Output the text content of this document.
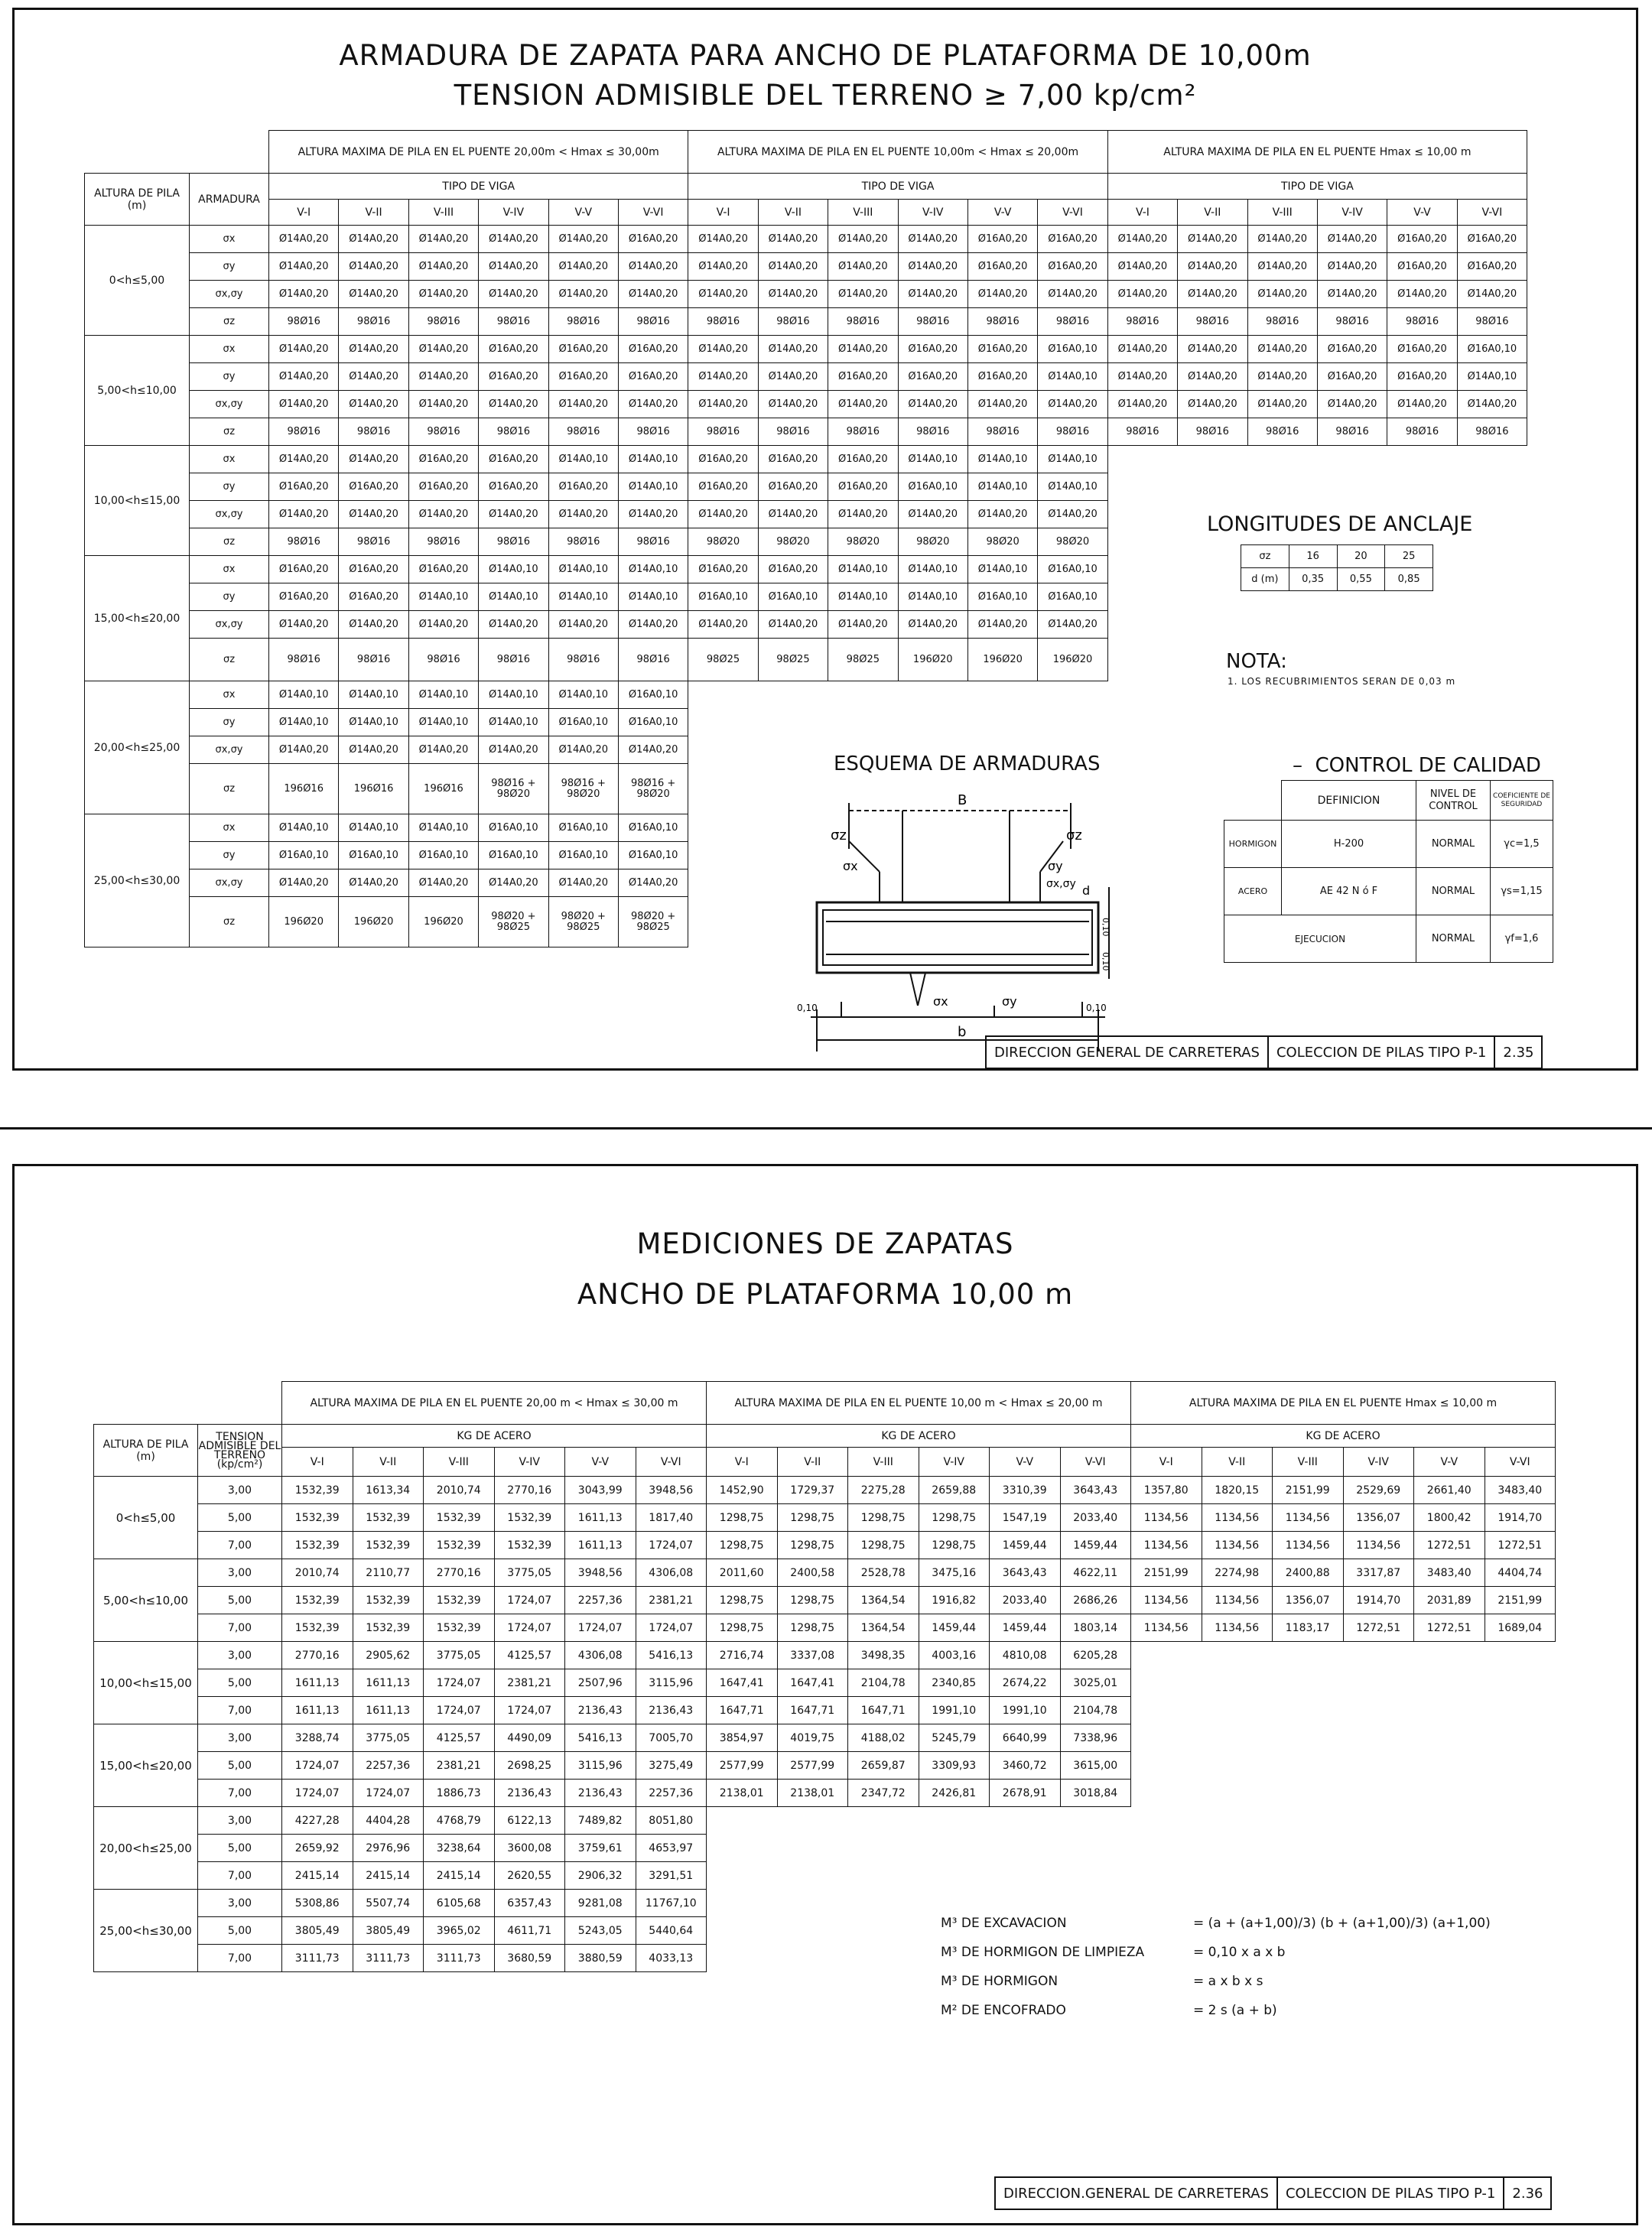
ARMADURA DE ZAPATA PARA ANCHO DE PLATAFORMA DE 10,00m
TENSION ADMISIBLE DEL TERRENO ≥ 7,00 kp/cm²
		ALTURA MAXIMA DE PILA EN EL PUENTE 20,00m < Hmax ≤ 30,00m						ALTURA MAXIMA DE PILA EN EL PUENTE 10,00m < Hmax ≤ 20,00m						ALTURA MAXIMA DE PILA EN EL PUENTE Hmax ≤ 10,00 m					
ALTURA DE PILA (m)	ARMADURA	TIPO DE VIGA						TIPO DE VIGA						TIPO DE VIGA					
		V-I	V-II	V-III	V-IV	V-V	V-VI	V-I	V-II	V-III	V-IV	V-V	V-VI	V-I	V-II	V-III	V-IV	V-V	V-VI
0<h≤5,00	σx	Ø14A0,20	Ø14A0,20	Ø14A0,20	Ø14A0,20	Ø14A0,20	Ø16A0,20	Ø14A0,20	Ø14A0,20	Ø14A0,20	Ø14A0,20	Ø16A0,20	Ø16A0,20	Ø14A0,20	Ø14A0,20	Ø14A0,20	Ø14A0,20	Ø16A0,20	Ø16A0,20
	σy	Ø14A0,20	Ø14A0,20	Ø14A0,20	Ø14A0,20	Ø14A0,20	Ø14A0,20	Ø14A0,20	Ø14A0,20	Ø14A0,20	Ø14A0,20	Ø16A0,20	Ø16A0,20	Ø14A0,20	Ø14A0,20	Ø14A0,20	Ø14A0,20	Ø16A0,20	Ø16A0,20
	σx,σy	Ø14A0,20	Ø14A0,20	Ø14A0,20	Ø14A0,20	Ø14A0,20	Ø14A0,20	Ø14A0,20	Ø14A0,20	Ø14A0,20	Ø14A0,20	Ø14A0,20	Ø14A0,20	Ø14A0,20	Ø14A0,20	Ø14A0,20	Ø14A0,20	Ø14A0,20	Ø14A0,20
	σz	98Ø16	98Ø16	98Ø16	98Ø16	98Ø16	98Ø16	98Ø16	98Ø16	98Ø16	98Ø16	98Ø16	98Ø16	98Ø16	98Ø16	98Ø16	98Ø16	98Ø16	98Ø16
5,00<h≤10,00	σx	Ø14A0,20	Ø14A0,20	Ø14A0,20	Ø16A0,20	Ø16A0,20	Ø16A0,20	Ø14A0,20	Ø14A0,20	Ø14A0,20	Ø16A0,20	Ø16A0,20	Ø16A0,10	Ø14A0,20	Ø14A0,20	Ø14A0,20	Ø16A0,20	Ø16A0,20	Ø16A0,10
	σy	Ø14A0,20	Ø14A0,20	Ø14A0,20	Ø16A0,20	Ø16A0,20	Ø16A0,20	Ø14A0,20	Ø14A0,20	Ø16A0,20	Ø16A0,20	Ø16A0,20	Ø14A0,10	Ø14A0,20	Ø14A0,20	Ø14A0,20	Ø16A0,20	Ø16A0,20	Ø14A0,10
	σx,σy	Ø14A0,20	Ø14A0,20	Ø14A0,20	Ø14A0,20	Ø14A0,20	Ø14A0,20	Ø14A0,20	Ø14A0,20	Ø14A0,20	Ø14A0,20	Ø14A0,20	Ø14A0,20	Ø14A0,20	Ø14A0,20	Ø14A0,20	Ø14A0,20	Ø14A0,20	Ø14A0,20
	σz	98Ø16	98Ø16	98Ø16	98Ø16	98Ø16	98Ø16	98Ø16	98Ø16	98Ø16	98Ø16	98Ø16	98Ø16	98Ø16	98Ø16	98Ø16	98Ø16	98Ø16	98Ø16
10,00<h≤15,00	σx	Ø14A0,20	Ø14A0,20	Ø16A0,20	Ø16A0,20	Ø14A0,10	Ø14A0,10	Ø16A0,20	Ø16A0,20	Ø16A0,20	Ø14A0,10	Ø14A0,10	Ø14A0,10						
	σy	Ø16A0,20	Ø16A0,20	Ø16A0,20	Ø16A0,20	Ø16A0,20	Ø14A0,10	Ø16A0,20	Ø16A0,20	Ø16A0,20	Ø16A0,10	Ø14A0,10	Ø14A0,10						
	σx,σy	Ø14A0,20	Ø14A0,20	Ø14A0,20	Ø14A0,20	Ø14A0,20	Ø14A0,20	Ø14A0,20	Ø14A0,20	Ø14A0,20	Ø14A0,20	Ø14A0,20	Ø14A0,20						
	σz	98Ø16	98Ø16	98Ø16	98Ø16	98Ø16	98Ø16	98Ø20	98Ø20	98Ø20	98Ø20	98Ø20	98Ø20						
15,00<h≤20,00	σx	Ø16A0,20	Ø16A0,20	Ø16A0,20	Ø14A0,10	Ø14A0,10	Ø14A0,10	Ø16A0,20	Ø16A0,20	Ø14A0,10	Ø14A0,10	Ø14A0,10	Ø16A0,10						
	σy	Ø16A0,20	Ø16A0,20	Ø14A0,10	Ø14A0,10	Ø14A0,10	Ø14A0,10	Ø16A0,10	Ø16A0,10	Ø14A0,10	Ø14A0,10	Ø16A0,10	Ø16A0,10						
	σx,σy	Ø14A0,20	Ø14A0,20	Ø14A0,20	Ø14A0,20	Ø14A0,20	Ø14A0,20	Ø14A0,20	Ø14A0,20	Ø14A0,20	Ø14A0,20	Ø14A0,20	Ø14A0,20						
	σz	98Ø16	98Ø16	98Ø16	98Ø16	98Ø16	98Ø16	98Ø25	98Ø25	98Ø25	196Ø20	196Ø20	196Ø20						
20,00<h≤25,00	σx	Ø14A0,10	Ø14A0,10	Ø14A0,10	Ø14A0,10	Ø14A0,10	Ø16A0,10												
	σy	Ø14A0,10	Ø14A0,10	Ø14A0,10	Ø14A0,10	Ø16A0,10	Ø16A0,10												
	σx,σy	Ø14A0,20	Ø14A0,20	Ø14A0,20	Ø14A0,20	Ø14A0,20	Ø14A0,20												
	σz	196Ø16	196Ø16	196Ø16	98Ø16 + 98Ø20	98Ø16 + 98Ø20	98Ø16 + 98Ø20												
25,00<h≤30,00	σx	Ø14A0,10	Ø14A0,10	Ø14A0,10	Ø16A0,10	Ø16A0,10	Ø16A0,10												
	σy	Ø16A0,10	Ø16A0,10	Ø16A0,10	Ø16A0,10	Ø16A0,10	Ø16A0,10												
	σx,σy	Ø14A0,20	Ø14A0,20	Ø14A0,20	Ø14A0,20	Ø14A0,20	Ø14A0,20												
	σz	196Ø20	196Ø20	196Ø20	98Ø20 + 98Ø25	98Ø20 + 98Ø25	98Ø20 + 98Ø25												
LONGITUDES DE ANCLAJE
σz	16	20	25
d (m)	0,35	0,55	0,85
NOTA:
1. LOS RECUBRIMIENTOS SERAN DE 0,03 m
ESQUEMA DE ARMADURAS
B
b
d
σz	σz
σx	σy
σx,σy
σx	σy
0,10	0,10
0,10
0,10
–  CONTROL DE CALIDAD
	DEFINICION	NIVEL DE CONTROL	COEFICIENTE DE SEGURIDAD
HORMIGON	H-200	NORMAL	γc=1,5
ACERO	AE 42 N ó F	NORMAL	γs=1,15
EJECUCION		NORMAL	γf=1,6
DIRECCION GENERAL DE CARRETERAS	COLECCION DE PILAS TIPO P-1	2.35
MEDICIONES DE ZAPATAS
ANCHO DE PLATAFORMA 10,00 m
		ALTURA MAXIMA DE PILA EN EL PUENTE 20,00 m < Hmax ≤ 30,00 m						ALTURA MAXIMA DE PILA EN EL PUENTE 10,00 m < Hmax ≤ 20,00 m						ALTURA MAXIMA DE PILA EN EL PUENTE Hmax ≤ 10,00 m					
ALTURA DE PILA (m)	TENSION ADMISIBLE DEL TERRENO (kp/cm²)	KG DE ACERO						KG DE ACERO						KG DE ACERO					
		V-I	V-II	V-III	V-IV	V-V	V-VI	V-I	V-II	V-III	V-IV	V-V	V-VI	V-I	V-II	V-III	V-IV	V-V	V-VI
0<h≤5,00	3,00	1532,39	1613,34	2010,74	2770,16	3043,99	3948,56	1452,90	1729,37	2275,28	2659,88	3310,39	3643,43	1357,80	1820,15	2151,99	2529,69	2661,40	3483,40
	5,00	1532,39	1532,39	1532,39	1532,39	1611,13	1817,40	1298,75	1298,75	1298,75	1298,75	1547,19	2033,40	1134,56	1134,56	1134,56	1356,07	1800,42	1914,70
	7,00	1532,39	1532,39	1532,39	1532,39	1611,13	1724,07	1298,75	1298,75	1298,75	1298,75	1459,44	1459,44	1134,56	1134,56	1134,56	1134,56	1272,51	1272,51
5,00<h≤10,00	3,00	2010,74	2110,77	2770,16	3775,05	3948,56	4306,08	2011,60	2400,58	2528,78	3475,16	3643,43	4622,11	2151,99	2274,98	2400,88	3317,87	3483,40	4404,74
	5,00	1532,39	1532,39	1532,39	1724,07	2257,36	2381,21	1298,75	1298,75	1364,54	1916,82	2033,40	2686,26	1134,56	1134,56	1356,07	1914,70	2031,89	2151,99
	7,00	1532,39	1532,39	1532,39	1724,07	1724,07	1724,07	1298,75	1298,75	1364,54	1459,44	1459,44	1803,14	1134,56	1134,56	1183,17	1272,51	1272,51	1689,04
10,00<h≤15,00	3,00	2770,16	2905,62	3775,05	4125,57	4306,08	5416,13	2716,74	3337,08	3498,35	4003,16	4810,08	6205,28						
	5,00	1611,13	1611,13	1724,07	2381,21	2507,96	3115,96	1647,41	1647,41	2104,78	2340,85	2674,22	3025,01						
	7,00	1611,13	1611,13	1724,07	1724,07	2136,43	2136,43	1647,71	1647,71	1647,71	1991,10	1991,10	2104,78						
15,00<h≤20,00	3,00	3288,74	3775,05	4125,57	4490,09	5416,13	7005,70	3854,97	4019,75	4188,02	5245,79	6640,99	7338,96						
	5,00	1724,07	2257,36	2381,21	2698,25	3115,96	3275,49	2577,99	2577,99	2659,87	3309,93	3460,72	3615,00						
	7,00	1724,07	1724,07	1886,73	2136,43	2136,43	2257,36	2138,01	2138,01	2347,72	2426,81	2678,91	3018,84						
20,00<h≤25,00	3,00	4227,28	4404,28	4768,79	6122,13	7489,82	8051,80												
	5,00	2659,92	2976,96	3238,64	3600,08	3759,61	4653,97												
	7,00	2415,14	2415,14	2415,14	2620,55	2906,32	3291,51												
25,00<h≤30,00	3,00	5308,86	5507,74	6105,68	6357,43	9281,08	11767,10												
	5,00	3805,49	3805,49	3965,02	4611,71	5243,05	5440,64												
	7,00	3111,73	3111,73	3111,73	3680,59	3880,59	4033,13												
M³ DE EXCAVACION	= (a + (a+1,00)/3) (b + (a+1,00)/3) (a+1,00)
M³ DE HORMIGON DE LIMPIEZA	= 0,10 x a x b
M³ DE HORMIGON	= a x b x s
M² DE ENCOFRADO	= 2 s (a + b)
DIRECCION.GENERAL DE CARRETERAS	COLECCION DE PILAS TIPO P-1	2.36
